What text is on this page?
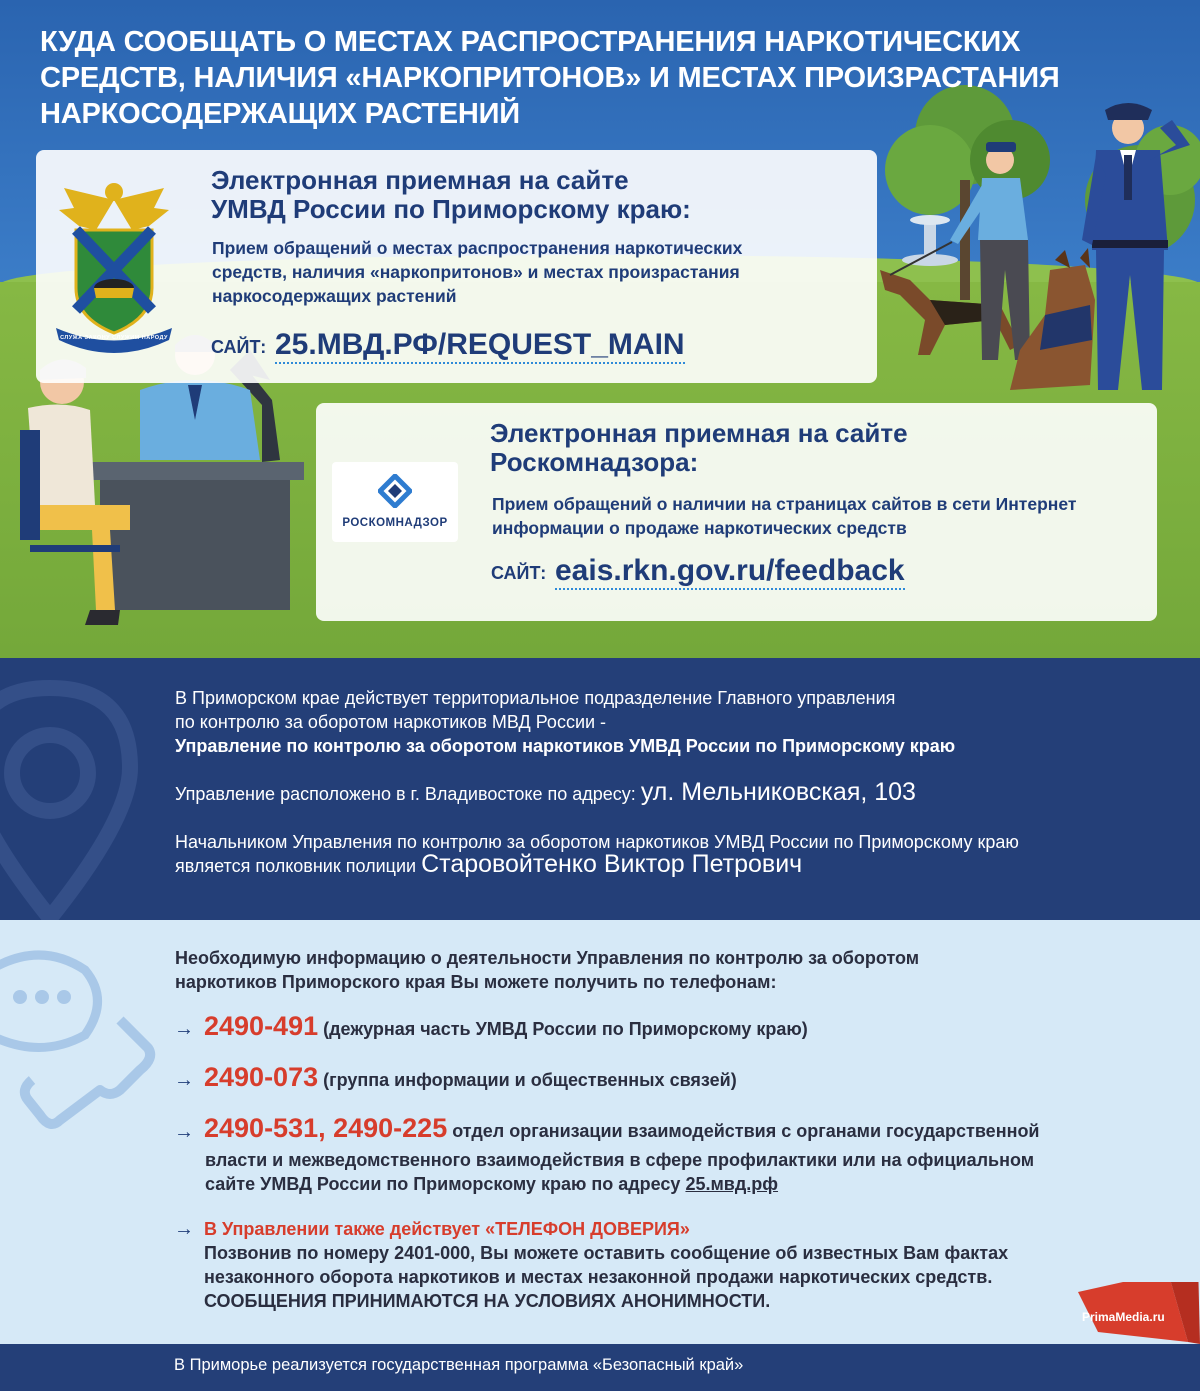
КУДА СООБЩАТЬ О МЕСТАХ РАСПРОСТРАНЕНИЯ НАРКОТИЧЕСКИХ СРЕДСТВ, НАЛИЧИЯ «НАРКОПРИТОНОВ» И МЕСТАХ ПРОИЗРАСТАНИЯ НАРКОСОДЕРЖАЩИХ РАСТЕНИЙ
СЛУЖА ЗАКОНУ СЛУЖИМ НАРОДУ
Электронная приемная на сайте
УМВД России по Приморскому краю:
Прием обращений о местах распространения наркотических
средств, наличия «наркопритонов» и местах произрастания
наркосодержащих растений
САЙТ: 25.МВД.РФ/REQUEST_MAIN
Электронная приемная на сайте
Роскомнадзора:
Прием обращений о наличии на страницах сайтов в сети Интернет
информации о продаже наркотических средств
САЙТ: eais.rkn.gov.ru/feedback
РОСКОМНАДЗОР
В Приморском крае действует территориальное подразделение Главного управления
по контролю за оборотом наркотиков МВД России -
Управление по контролю за оборотом наркотиков УМВД России по Приморскому краю
Управление расположено в г. Владивостоке по адресу: ул. Мельниковская, 103
Начальником Управления по контролю за оборотом наркотиков УМВД России по Приморскому краю
является полковник полиции Старовойтенко Виктор Петрович
Необходимую информацию о деятельности Управления по контролю за оборотом
наркотиков Приморского края Вы можете получить по телефонам:
→ 2490-491 (дежурная часть УМВД России по Приморскому краю)
→ 2490-073 (группа информации и общественных связей)
→ 2490-531, 2490-225 отдел организации взаимодействия с органами государственной
власти и межведомственного взаимодействия в сфере профилактики или на официальном
сайте УМВД России по Приморскому краю по адресу 25.мвд.рф
→ В Управлении также действует «ТЕЛЕФОН ДОВЕРИЯ»
Позвонив по номеру 2401-000, Вы можете оставить сообщение об известных Вам фактах
незаконного оборота наркотиков и местах незаконной продажи наркотических средств.
СООБЩЕНИЯ ПРИНИМАЮТСЯ НА УСЛОВИЯХ АНОНИМНОСТИ.
PrimaMedia.ru
В Приморье реализуется государственная программа «Безопасный край»
